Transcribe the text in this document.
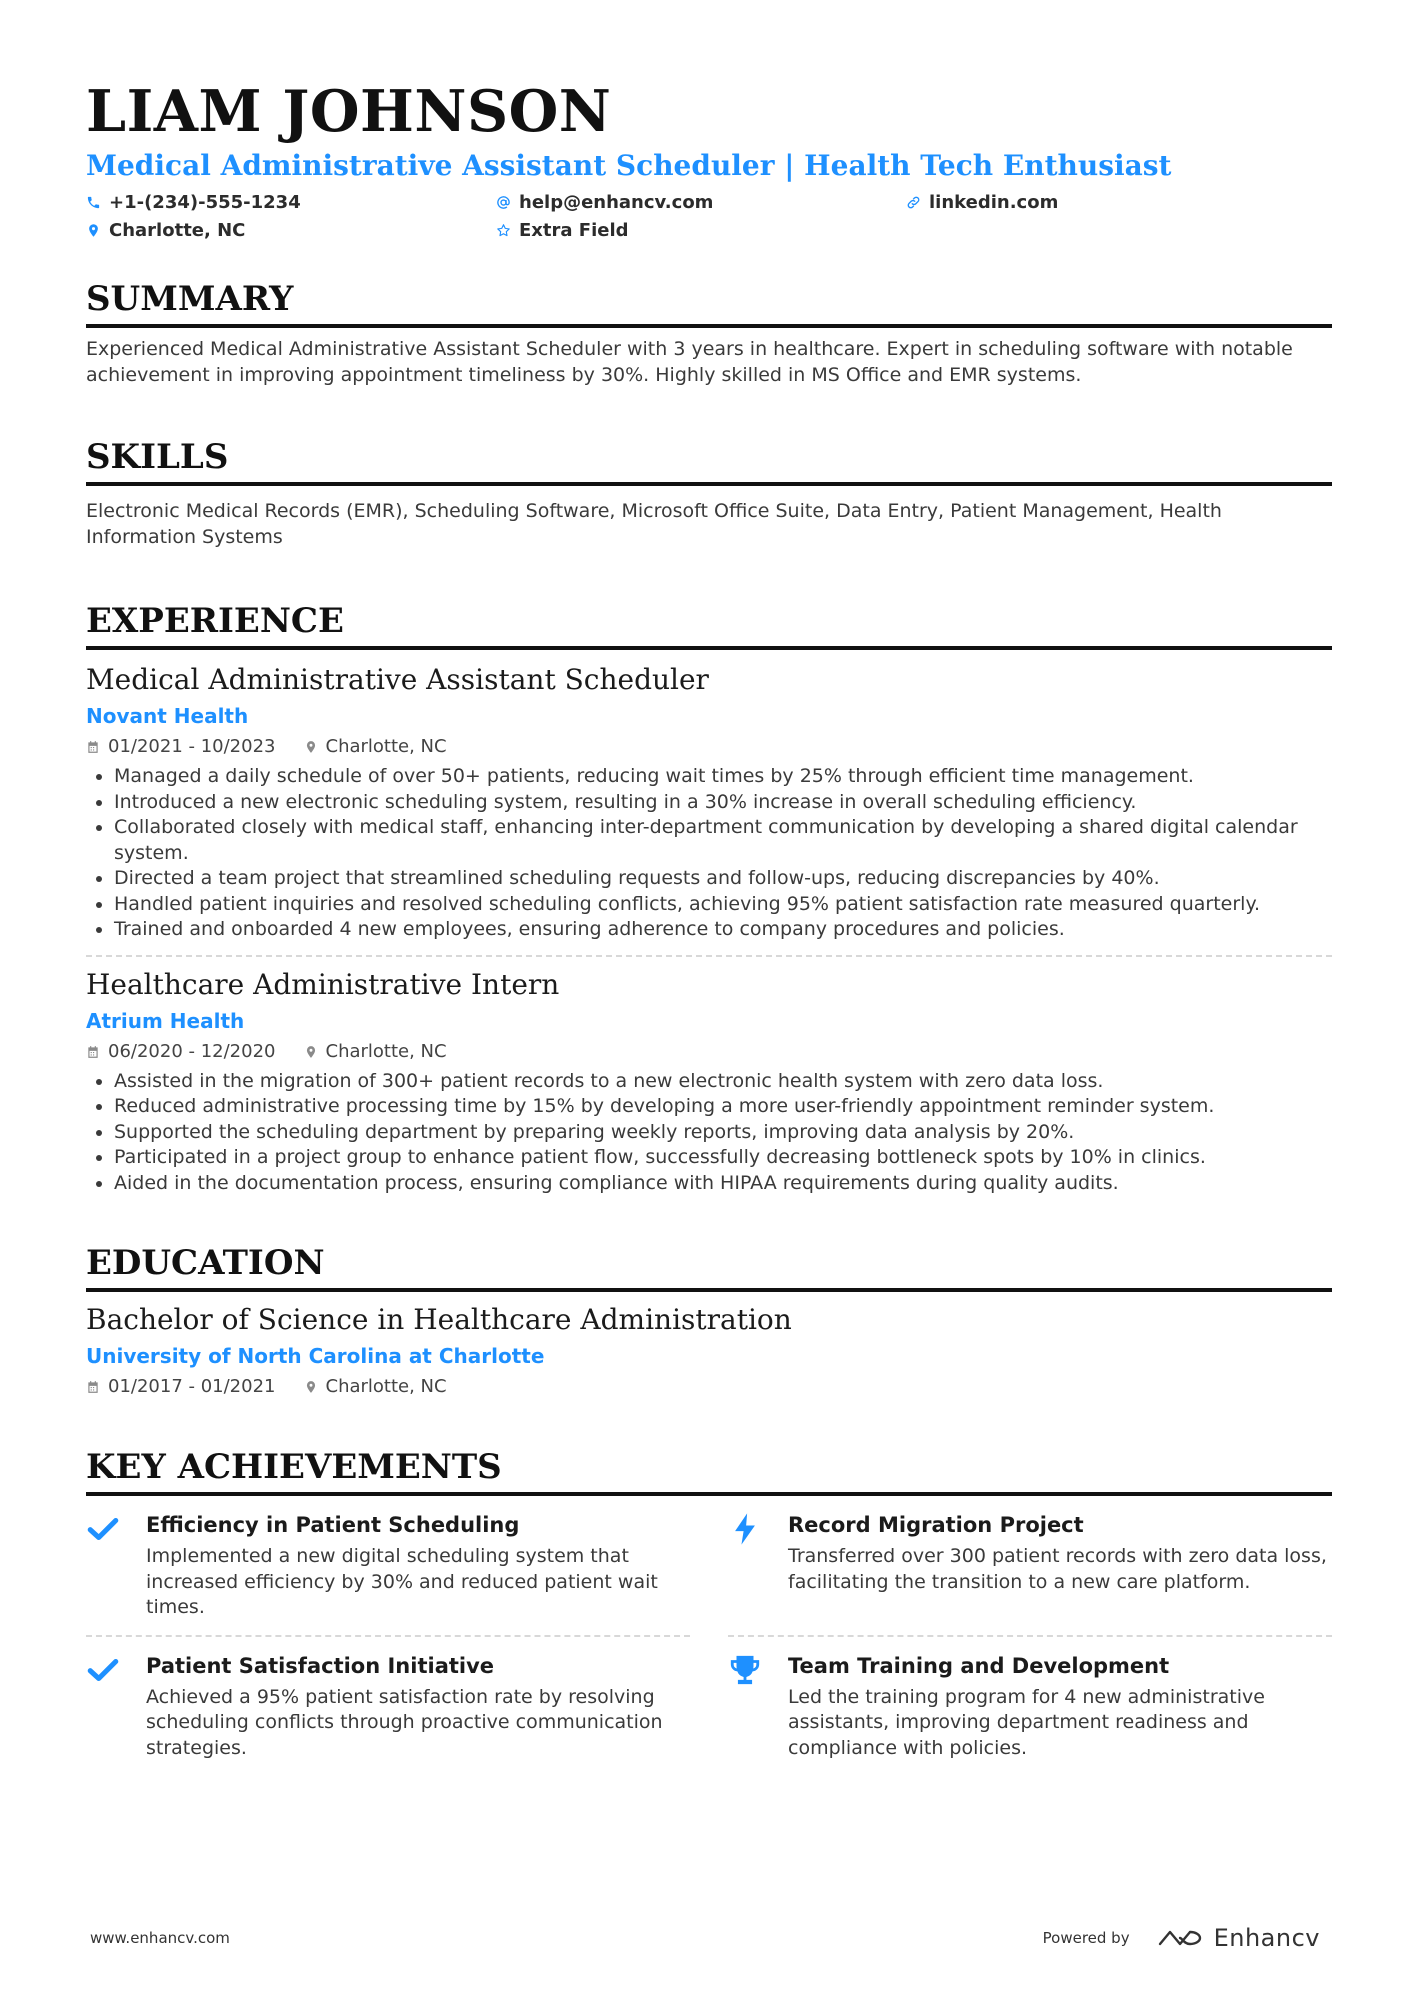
LIAM JOHNSON
Medical Administrative Assistant Scheduler | Health Tech Enthusiast
+1-(234)-555-1234	help@enhancv.com	linkedin.com
Charlotte, NC	Extra Field
SUMMARY

Experienced Medical Administrative Assistant Scheduler with 3 years in healthcare. Expert in scheduling software with notable achievement in improving appointment timeliness by 30%. Highly skilled in MS Office and EMR systems.

SKILLS

Electronic Medical Records (EMR), Scheduling Software, Microsoft Office Suite, Data Entry, Patient Management, Health Information Systems

EXPERIENCE
Medical Administrative Assistant Scheduler
Novant Health
01/2021 - 10/2023	Charlotte, NC
• Managed a daily schedule of over 50+ patients, reducing wait times by 25% through efficient time management.
• Introduced a new electronic scheduling system, resulting in a 30% increase in overall scheduling efficiency.
• Collaborated closely with medical staff, enhancing inter-department communication by developing a shared digital calendar system.
• Directed a team project that streamlined scheduling requests and follow-ups, reducing discrepancies by 40%.
• Handled patient inquiries and resolved scheduling conflicts, achieving 95% patient satisfaction rate measured quarterly.
• Trained and onboarded 4 new employees, ensuring adherence to company procedures and policies.
Healthcare Administrative Intern
Atrium Health
06/2020 - 12/2020	Charlotte, NC
• Assisted in the migration of 300+ patient records to a new electronic health system with zero data loss.
• Reduced administrative processing time by 15% by developing a more user-friendly appointment reminder system.
• Supported the scheduling department by preparing weekly reports, improving data analysis by 20%.
• Participated in a project group to enhance patient flow, successfully decreasing bottleneck spots by 10% in clinics.
• Aided in the documentation process, ensuring compliance with HIPAA requirements during quality audits.
EDUCATION
Bachelor of Science in Healthcare Administration
University of North Carolina at Charlotte
01/2017 - 01/2021	Charlotte, NC
KEY ACHIEVEMENTS
Efficiency in Patient Scheduling
Implemented a new digital scheduling system that increased efficiency by 30% and reduced patient wait times.
Record Migration Project
Transferred over 300 patient records with zero data loss, facilitating the transition to a new care platform.
Patient Satisfaction Initiative
Achieved a 95% patient satisfaction rate by resolving scheduling conflicts through proactive communication strategies.
Team Training and Development
Led the training program for 4 new administrative assistants, improving department readiness and compliance with policies.
www.enhancv.com	Powered by	Enhancv
